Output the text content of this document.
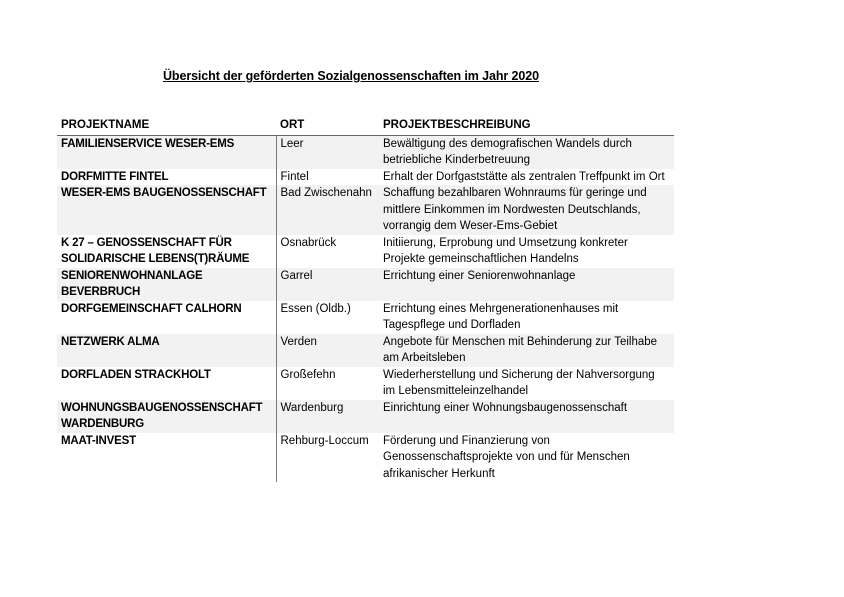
Übersicht der geförderten Sozialgenossenschaften im Jahr 2020
PROJEKTNAME	ORT	PROJEKTBESCHREIBUNG
FAMILIENSERVICE WESER-EMS	Leer	Bewältigung des demografischen Wandels durch betriebliche Kinderbetreuung
DORFMITTE FINTEL	Fintel	Erhalt der Dorfgaststätte als zentralen Treffpunkt im Ort
WESER-EMS BAUGENOSSENSCHAFT	Bad Zwischenahn	Schaffung bezahlbaren Wohnraums für geringe und mittlere Einkommen im Nordwesten Deutschlands, vorrangig dem Weser-Ems-Gebiet
K 27 – GENOSSENSCHAFT FÜR SOLIDARISCHE LEBENS(T)RÄUME	Osnabrück	Initiierung, Erprobung und Umsetzung konkreter Projekte gemeinschaftlichen Handelns
SENIORENWOHNANLAGE BEVERBRUCH	Garrel	Errichtung einer Seniorenwohnanlage
DORFGEMEINSCHAFT CALHORN	Essen (Oldb.)	Errichtung eines Mehrgenerationenhauses mit Tagespflege und Dorfladen
NETZWERK ALMA	Verden	Angebote für Menschen mit Behinderung zur Teilhabe am Arbeitsleben
DORFLADEN STRACKHOLT	Großefehn	Wiederherstellung und Sicherung der Nahversorgung im Lebensmitteleinzelhandel
WOHNUNGSBAUGENOSSENSCHAFT WARDENBURG	Wardenburg	Einrichtung einer Wohnungsbaugenossenschaft
MAAT-INVEST	Rehburg-Loccum	Förderung und Finanzierung von Genossenschaftsprojekte von und für Menschen afrikanischer Herkunft
